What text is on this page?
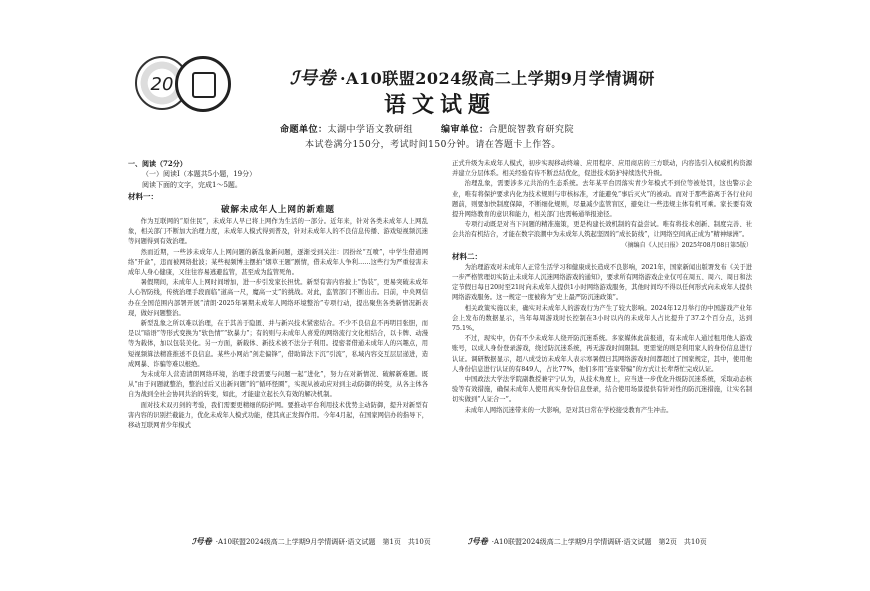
20	ℐ号卷 ·A10联盟2024级高二上学期9月学情调研
语文试题
命题单位：太湖中学语文教研组	编审单位：合肥皖智教育研究院
本试卷满分150分，考试时间150分钟。请在答题卡上作答。

一、阅读（72分）

（一）阅读Ⅰ（本题共5小题，19分）

阅读下面的文字，完成1～5题。

材料一：

破解未成年人上网的新难题

作为互联网的“原住民”，未成年人早已将上网作为生活的一部分。近年来，针对各类未成年人上网乱象，相关部门不断加大治理力度，未成年人模式得到普及，针对未成年人的不良信息传播、游戏短视频沉迷等问题得到有效治理。

然而近期，一些涉未成年人上网问题的新乱象新问题，逐渐受到关注：因扮丝“互喷”，中学生借道网络“开盒”，违而被网络批波；某些视频博主摆拍“烟草王题”剧情，借未成年人争利……这些行为严重侵害未成年人身心健康，又往往容易逃避监管，甚至成为监管死角。

暑假期间，未成年人上网时间增加，进一步引发家长担忧。新型有害内容披上“伪装”，更易突破未成年人心智防线，传统治理手段面临“道高一尺，魔高一丈”的挑战。对此，监管部门不断出击。目前，中央网信办在全国范围内部署开展“清朗·2025年暑期未成年人网络环境整治”专项行动，提出聚焦各类新情况新表现，做好问题整治。

新型乱象之所以难以治理，在于其善于隐匿、并与新兴技术紧密结合。不少不良信息不再明目张胆，而是以“暗语”等形式变换为“软色情”“软暴力”；有的则与未成年人喜爱的网络流行文化相结合，以卡牌、动漫等为载体，加以包装美化。另一方面，新载体、新技术被不法分子利用。提密者借通未成年人的兴趣点，用短视频算法精准推送不良信息。某些小网站“剑走偏锋”，借助算法下沉“引流”，私域内容交互层层递进，造成网暴、诈骗等难以根绝。

为未成年人营造清朗网络环境，治理手段需要与问题一起“进化”，努力在对新情况、破解新难题。既从“由于问题就整治，整治过后又出新问题”的“循环怪圈”，实现从被动应对到主动防御的转变，从各主体各自为战到全社会协同共治的转变，如此，才能建立起长久有效的解决机制。

面对技术双刃剑的考验，我们需要更精细的防护网。要推动平台利用技术优势主动防御，提升对新型有害内容的识别拦截能力，优化未成年人模式功能，使其真正发挥作用。今年4月起，在国家网信办的指导下，移动互联网青少年模式

正式升级为未成年人模式，初步实现移动终端、应用程序、应用商店的三方联动，内容选引入权威机构资源并建立分层体系。相关经验有待不断总结优化，促进技术防护持续迭代升级。

治理乱象，需要涉多元共治的生态系统。去年某平台因落实青少年模式不到位等被处罚，这也警示企业，唯有将保护要求内化为技术规则与审核标准，才能避免“事后灭火”的被动。而对于那些游离于各行业问题前，则要加快制度保障，不断细化规则，尽量减少监管盲区，避免让一些违规主体有机可乘。家长要有效提升网络教育的意识和能力，相关部门也需畅通举报途径。

专项行动既是对当下问题的精准施策，更是构建长效机制的有益尝试。唯有将技术创新、制度完善、社会共治有机结合，才能在数字浪潮中为未成年人筑起坚固的“成长防线”，让网络空间真正成为“精神绿洲”。

（摘编自《人民日报》2025年08月08日第5版）

材料二：

为治理游戏对未成年人正常生活学习和健康成长造成不良影响，2021年，国家新闻出版署发布《关于进一步严格管理切实防止未成年人沉迷网络游戏的通知》，要求所有网络游戏企业仅可在周五、周六、周日和法定节假日每日20时至21时向未成年人提供1小时网络游戏服务，其他时间均不得以任何形式向未成年人提供网络游戏服务。这一规定一度被称为“史上最严防沉迷政策”。

相关政策实施以来，确实对未成年人的游戏行为产生了较大影响。2024年12月举行的中国游戏产业年会上发布的数据显示，当年每周游戏时长控制在3小时以内的未成年人占比提升了37.2个百分点，达到75.1%。

不过，现实中，仍有不少未成年人绕开防沉迷系统。多家媒体此前报道，有未成年人通过租用他人游戏账号，以成人身份登录游戏，绕过防沉迷系统，再无游戏时间限制。更需觉的则是利用家人的身份信息进行认证。调研数据显示，超八成受访未成年人表示寒暑假日其网络游戏时间都超过了国家规定，其中，使用他人身份信息进行认证的有849人，占比77%，他们多用“连家带骗”的方式让长辈帮忙完成认证。

中国政法大学法学院副教授兼宇宁认为，从技术角度上，应当进一步优化升级防沉迷系统，采取动态核验等有效措施，确保未成年人使用真实身份信息登录，结合使用场景提供有针对性的防沉迷措施，让实名制切实做到“人证合一”。

未成年人网络沉迷带来的一大影响，是对其日常在学校接受教育产生冲击。

ℐ号卷 ·A10联盟2024级高二上学期9月学情调研·语文试题　第1页　共10页	ℐ号卷 ·A10联盟2024级高二上学期9月学情调研·语文试题　第2页　共10页
